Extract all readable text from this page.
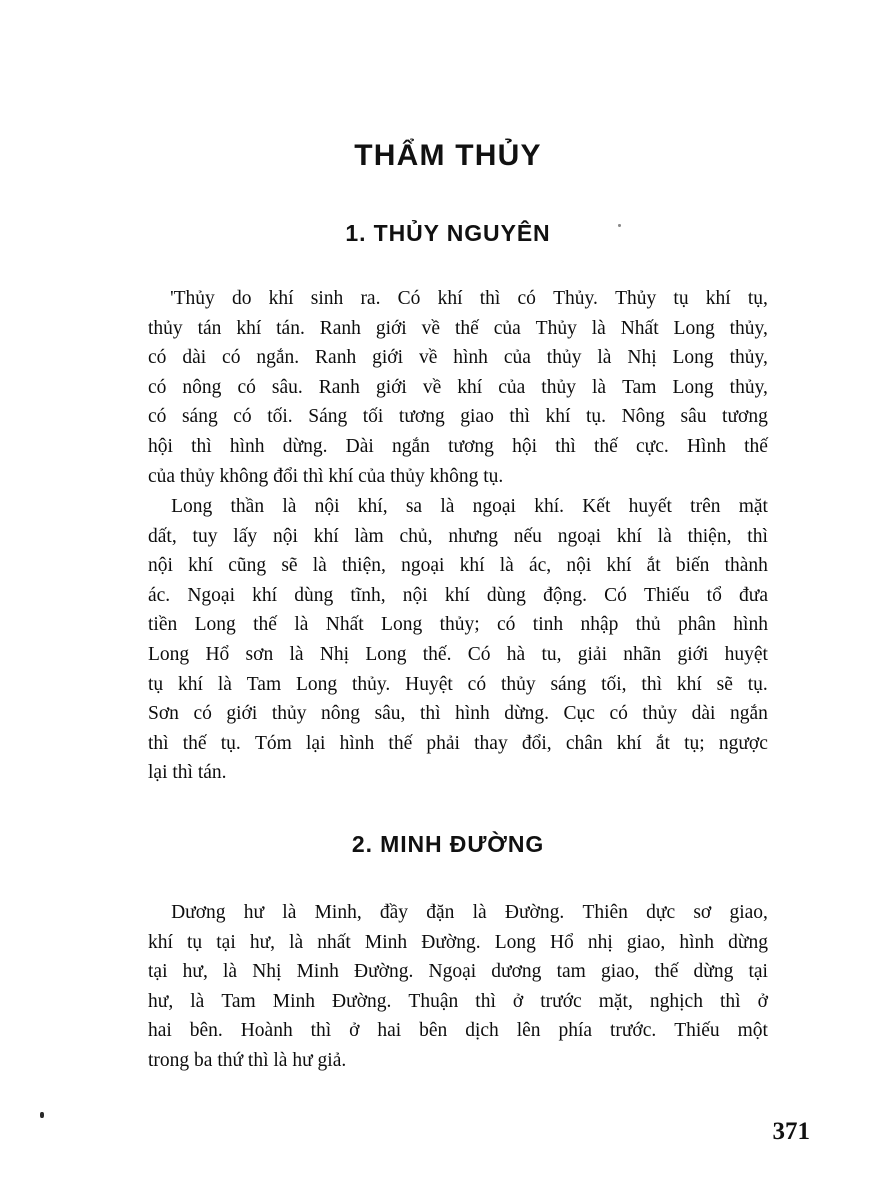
THẨM THỦY
1. THỦY NGUYÊN

'Thủy do khí sinh ra. Có khí thì có Thủy. Thủy tụ khí tụ,
thủy tán khí tán. Ranh giới về thế của Thủy là Nhất Long thủy,
có dài có ngắn. Ranh giới về hình của thủy là Nhị Long thủy,
có nông có sâu. Ranh giới về khí của thủy là Tam Long thủy,
có sáng có tối. Sáng tối tương giao thì khí tụ. Nông sâu tương
hội thì hình dừng. Dài ngắn tương hội thì thế cực. Hình thế
của thủy không đổi thì khí của thủy không tụ.

Long thần là nội khí, sa là ngoại khí. Kết huyết trên mặt
dất, tuy lấy nội khí làm chủ, nhưng nếu ngoại khí là thiện, thì
nội khí cũng sẽ là thiện, ngoại khí là ác, nội khí ắt biến thành
ác. Ngoại khí dùng tĩnh, nội khí dùng động. Có Thiếu tổ đưa
tiền Long thế là Nhất Long thủy; có tinh nhập thủ phân hình
Long Hổ sơn là Nhị Long thế. Có hà tu, giải nhãn giới huyệt
tụ khí là Tam Long thủy. Huyệt có thủy sáng tối, thì khí sẽ tụ.
Sơn có giới thủy nông sâu, thì hình dừng. Cục có thủy dài ngắn
thì thế tụ. Tóm lại hình thế phải thay đổi, chân khí ắt tụ; ngược
lại thì tán.
2. MINH ĐƯỜNG

Dương hư là Minh, đầy đặn là Đường. Thiên dực sơ giao,
khí tụ tại hư, là nhất Minh Đường. Long Hổ nhị giao, hình dừng
tại hư, là Nhị Minh Đường. Ngoại dương tam giao, thế dừng tại
hư, là Tam Minh Đường. Thuận thì ở trước mặt, nghịch thì ở
hai bên. Hoành thì ở hai bên dịch lên phía trước. Thiếu một
trong ba thứ thì là hư giả.
371
